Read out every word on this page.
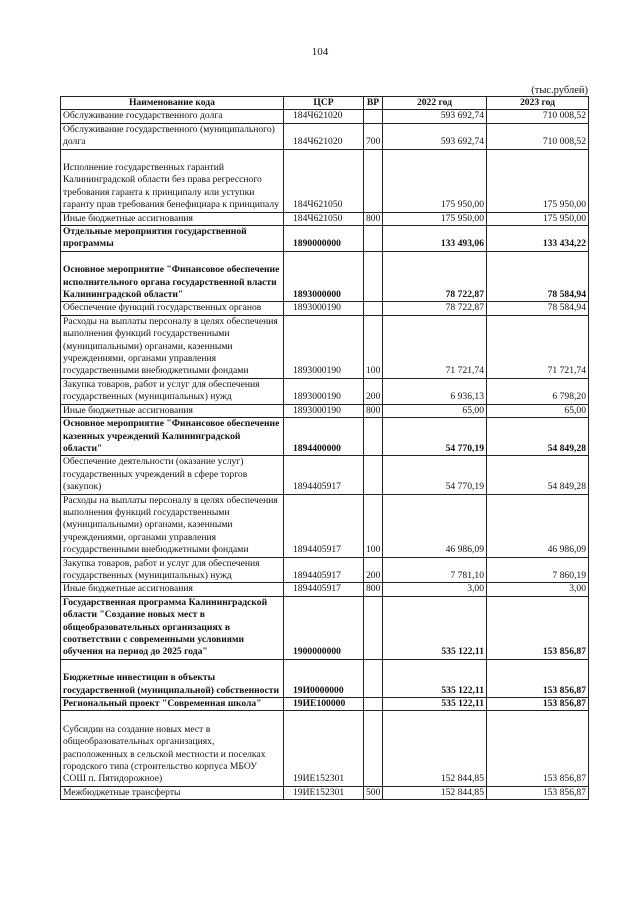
104
(тыс.рублей)
Наименование кода	ЦСР	ВР	2022 год	2023 год
Обслуживание государственного долга	184Ч621020		593 692,74	710 008,52
Обслуживание государственного (муниципального) долга	184Ч621020	700	593 692,74	710 008,52
Исполнение государственных гарантий Калининградской области без права регрессного требования гаранта к принципалу или уступки гаранту прав требования бенефициара к принципалу	184Ч621050		175 950,00	175 950,00
Иные бюджетные ассигнования	184Ч621050	800	175 950,00	175 950,00
Отдельные мероприятия государственной программы	1890000000		133 493,06	133 434,22
Основное мероприятие "Финансовое обеспечение исполнительного органа государственной власти Калининградской области"	1893000000		78 722,87	78 584,94
Обеспечение функций государственных органов	1893000190		78 722,87	78 584,94
Расходы на выплаты персоналу в целях обеспечения выполнения функций государственными (муниципальными) органами, казенными учреждениями, органами управления государственными внебюджетными фондами	1893000190	100	71 721,74	71 721,74
Закупка товаров, работ и услуг для обеспечения государственных (муниципальных) нужд	1893000190	200	6 936,13	6 798,20
Иные бюджетные ассигнования	1893000190	800	65,00	65,00
Основное мероприятие "Финансовое обеспечение казенных учреждений Калининградской области"	1894400000		54 770,19	54 849,28
Обеспечение деятельности (оказание услуг) государственных учреждений в сфере торгов (закупок)	1894405917		54 770,19	54 849,28
Расходы на выплаты персоналу в целях обеспечения выполнения функций государственными (муниципальными) органами, казенными учреждениями, органами управления государственными внебюджетными фондами	1894405917	100	46 986,09	46 986,09
Закупка товаров, работ и услуг для обеспечения государственных (муниципальных) нужд	1894405917	200	7 781,10	7 860,19
Иные бюджетные ассигнования	1894405917	800	3,00	3,00
Государственная программа Калининградской области "Создание новых мест в общеобразовательных организациях в соответствии с современными условиями обучения на период до 2025 года"	1900000000		535 122,11	153 856,87
Бюджетные инвестиции в объекты государственной (муниципальной) собственности	19И0000000		535 122,11	153 856,87
Региональный проект "Современная школа"	19ИЕ100000		535 122,11	153 856,87
Субсидии на создание новых мест в общеобразовательных организациях, расположенных в сельской местности и поселках городского типа (строительство корпуса МБОУ СОШ п. Пятидорожное)	19ИЕ152301		152 844,85	153 856,87
Межбюджетные трансферты	19ИЕ152301	500	152 844,85	153 856,87
